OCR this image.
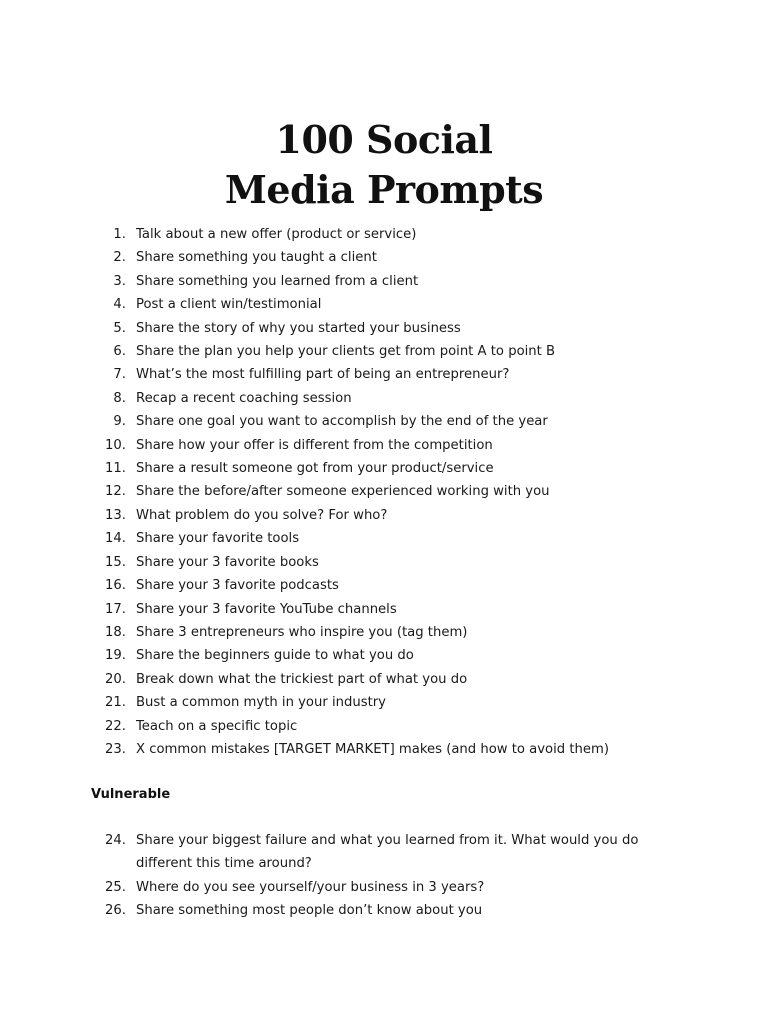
100 Social
Media Prompts
1. Talk about a new offer (product or service)
2. Share something you taught a client
3. Share something you learned from a client
4. Post a client win/testimonial
5. Share the story of why you started your business
6. Share the plan you help your clients get from point A to point B
7. What’s the most fulfilling part of being an entrepreneur?
8. Recap a recent coaching session
9. Share one goal you want to accomplish by the end of the year
10. Share how your offer is different from the competition
11. Share a result someone got from your product/service
12. Share the before/after someone experienced working with you
13. What problem do you solve? For who?
14. Share your favorite tools
15. Share your 3 favorite books
16. Share your 3 favorite podcasts
17. Share your 3 favorite YouTube channels
18. Share 3 entrepreneurs who inspire you (tag them)
19. Share the beginners guide to what you do
20. Break down what the trickiest part of what you do
21. Bust a common myth in your industry
22. Teach on a specific topic
23. X common mistakes [TARGET MARKET] makes (and how to avoid them)
Vulnerable
24. Share your biggest failure and what you learned from it. What would you do different this time around?
25. Where do you see yourself/your business in 3 years?
26. Share something most people don’t know about you
